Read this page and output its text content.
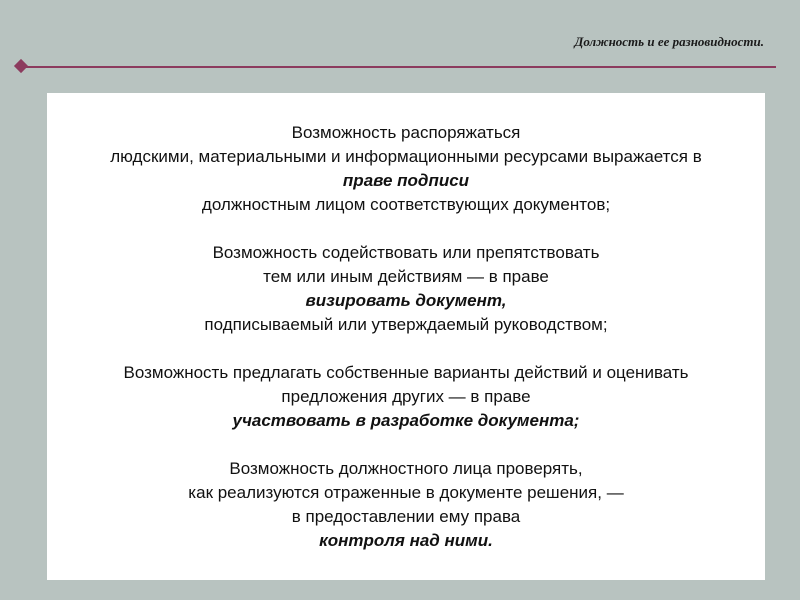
Должность и ее разновидности.

Возможность распоряжаться
людскими, материальными и информационными ресурсами выражается в
праве подписи
должностным лицом соответствующих документов;

Возможность содействовать или препятствовать
тем или иным действиям — в праве
визировать документ,
подписываемый или утверждаемый руководством;

Возможность предлагать собственные варианты действий и оценивать
предложения других — в праве
участвовать в разработке документа;

Возможность должностного лица проверять,
как реализуются отраженные в документе решения, —
в предоставлении ему права
контроля над ними.
